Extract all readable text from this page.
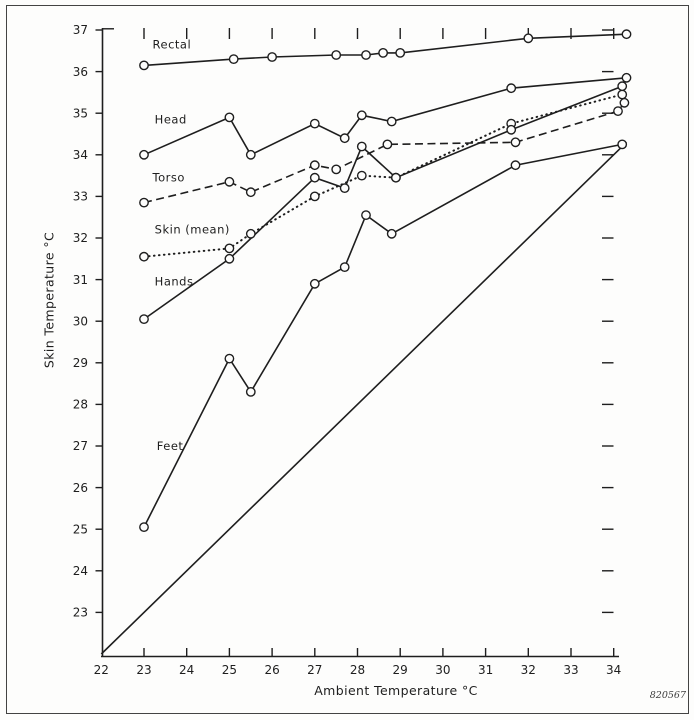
23
24
25
26
27
28
29
30
31
32
33
34
35
36
37
22 23 24 25 26 27 28 29 30 31 32 33 34
Rectal
Head
Torso
Skin (mean)
Hands
Feet
Skin Temperature °C
Ambient Temperature °C	820567
